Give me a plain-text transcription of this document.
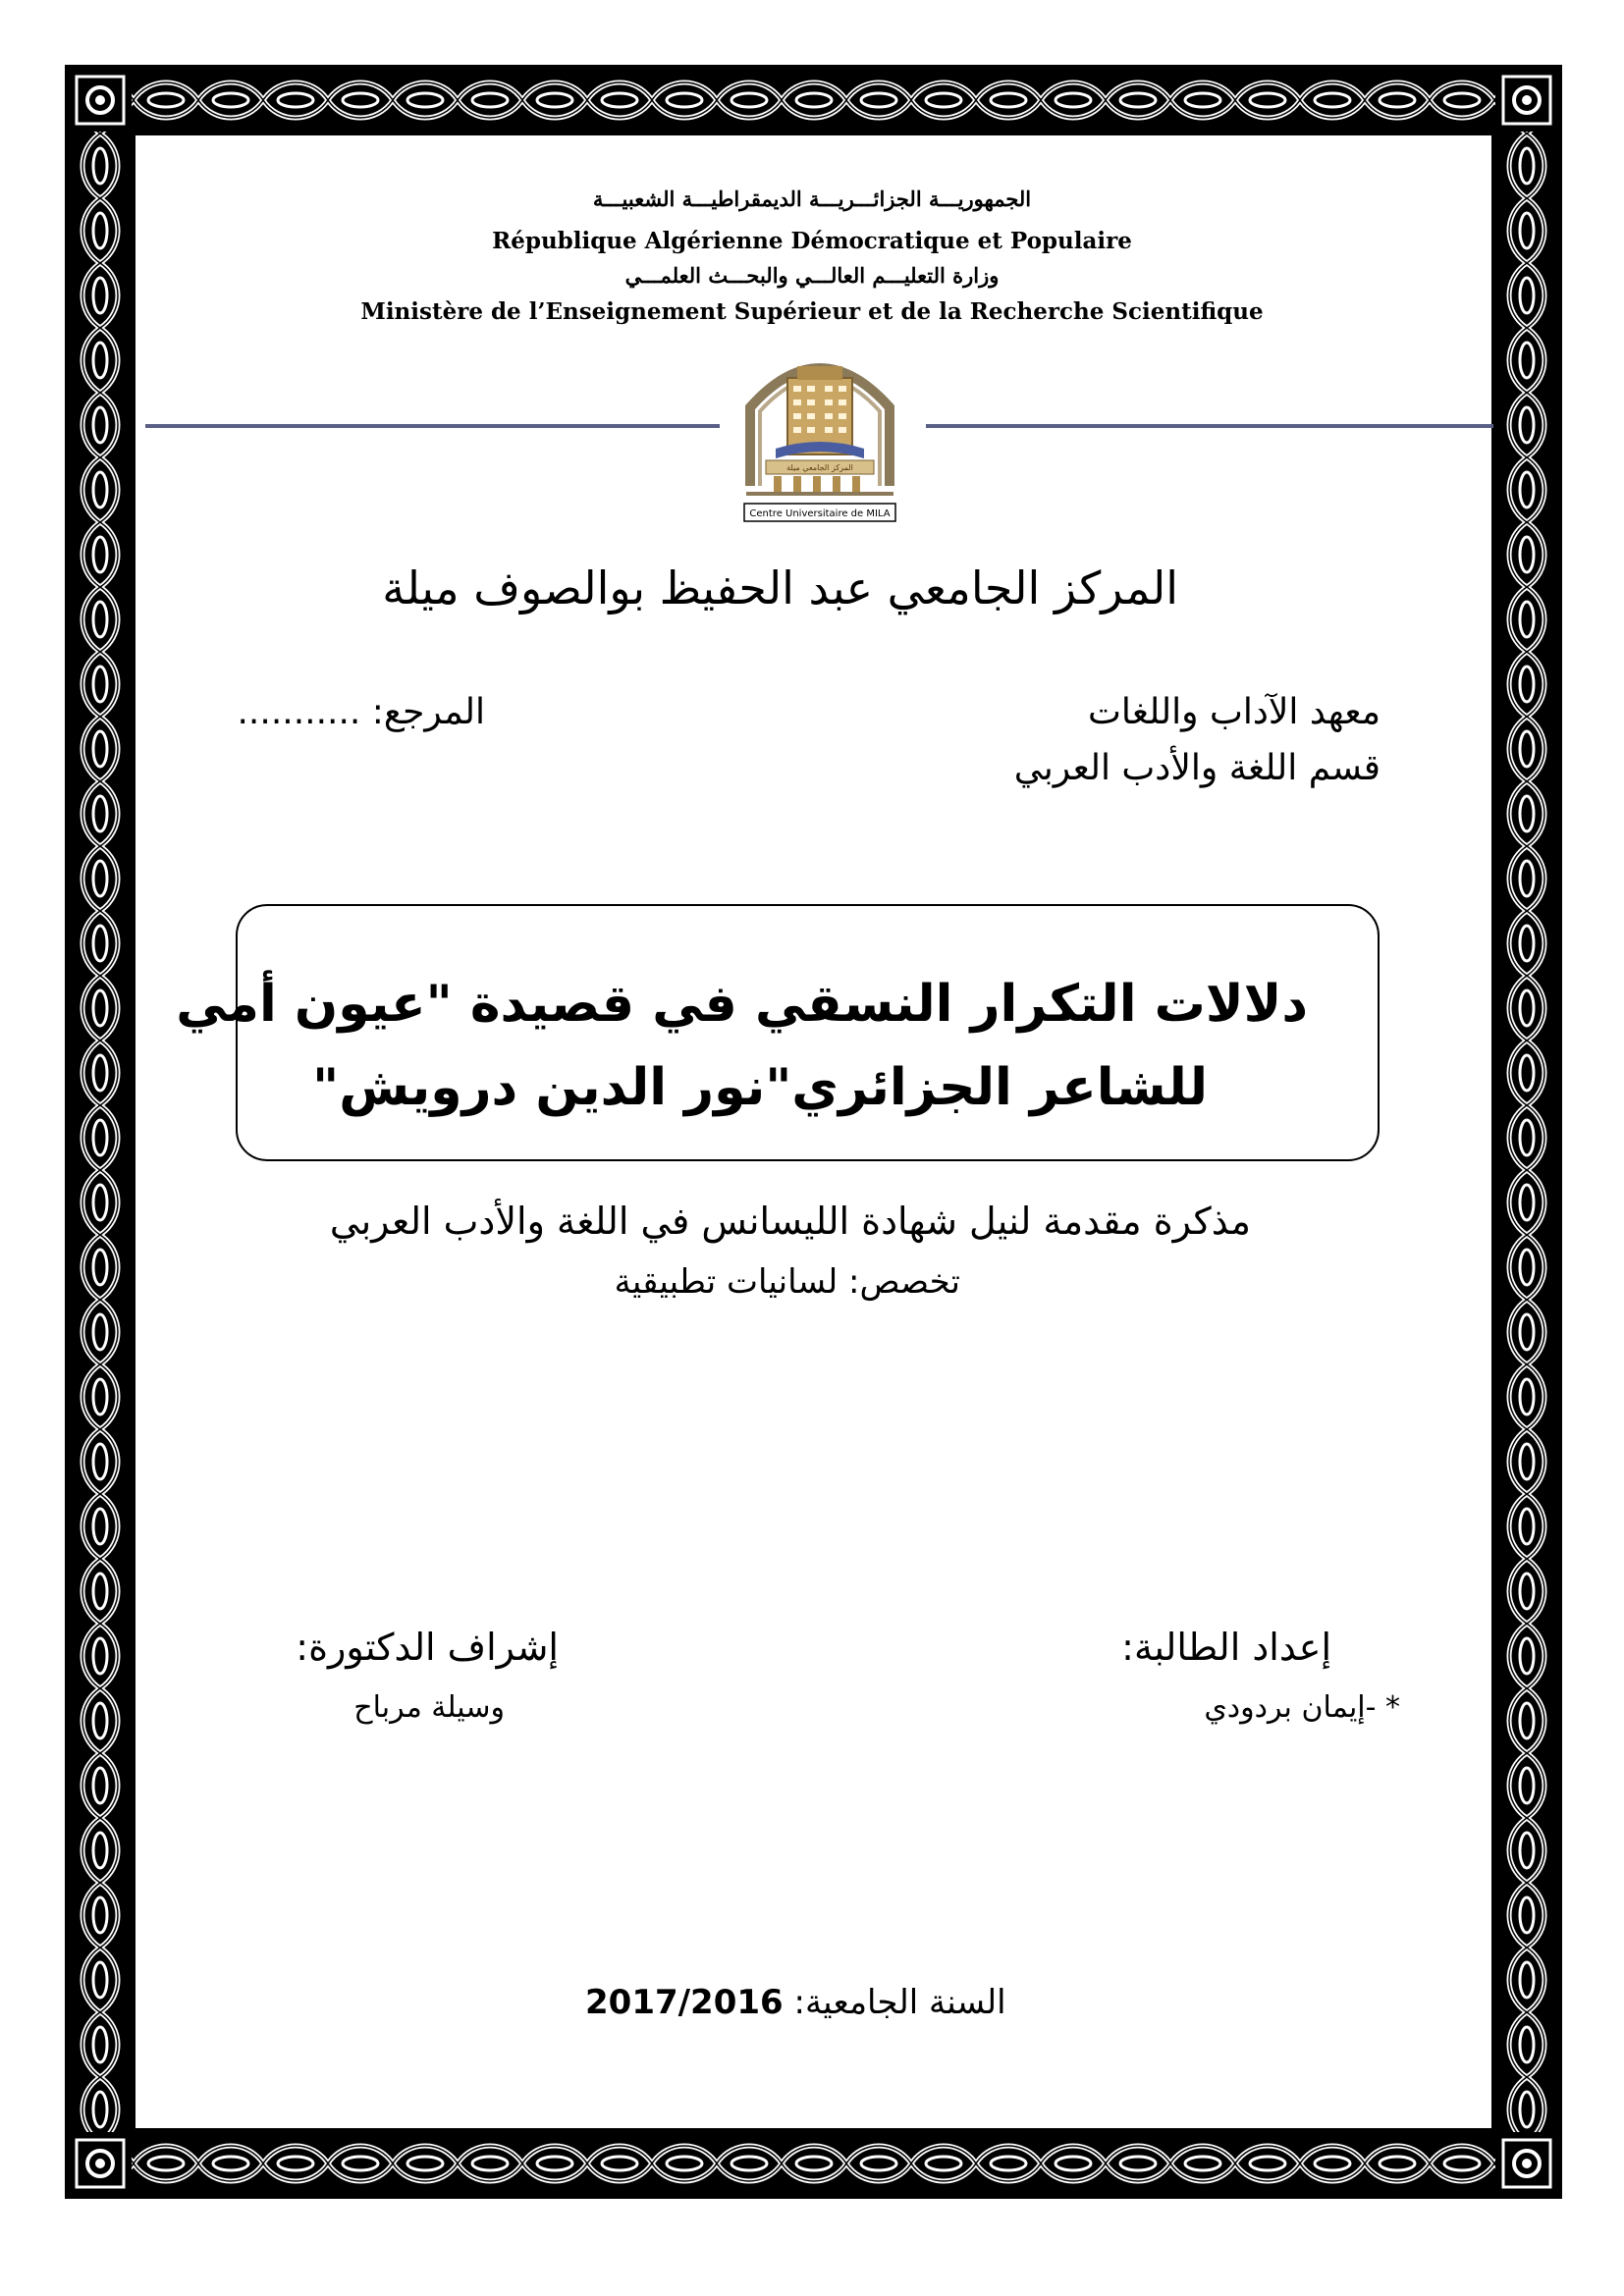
الجمهوريـــة الجزائـــريـــة الديمقراطيـــة الشعبيـــة
République Algérienne Démocratique et Populaire
وزارة التعليـــم العالـــي والبحـــث العلمـــي
Ministère de l’Enseignement Supérieur et de la Recherche Scientifique
المركز الجامعي ميلة
Centre Universitaire de MILA
المركز الجامعي عبد الحفيظ بوالصوف ميلة
معهد الآداب واللغات
قسم اللغة والأدب العربي
المرجع: ...........
دلالات التكرار النسقي في قصيدة "عيون أمي
للشاعر الجزائري"نور الدين درويش"
مذكرة مقدمة لنيل شهادة الليسانس في اللغة والأدب العربي
تخصص: لسانيات تطبيقية
إعداد الطالبة:
* -إيمان بردودي
إشراف الدكتورة:
وسيلة مرباح
السنة الجامعية: 2017/2016
